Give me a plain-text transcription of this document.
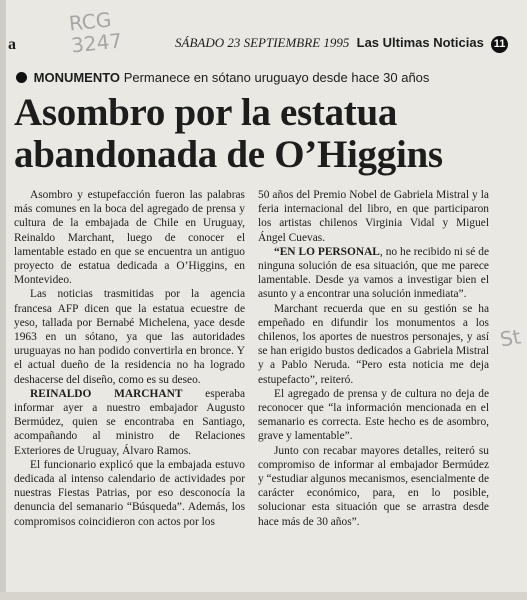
RCG
3247
a	SÁBADO 23 SEPTIEMBRE 1995 Las Ultimas Noticias 11
MONUMENTO Permanece en sótano uruguayo desde hace 30 años
Asombro por la estatua abandonada de O’Higgins

Asombro y estupefacción fueron las palabras más comunes en la boca del agregado de prensa y cultura de la embajada de Chile en Uruguay, Reinaldo Marchant, luego de conocer el lamentable estado en que se encuentra un antiguo proyecto de estatua dedicada a O’Higgins, en Montevideo.

Las noticias trasmitidas por la agencia francesa AFP dicen que la estatua ecuestre de yeso, tallada por Bernabé Michelena, yace desde 1963 en un sótano, ya que las autoridades uruguayas no han podido convertirla en bronce. Y el actual dueño de la residencia no ha logrado deshacerse del diseño, como es su deseo.

REINALDO MARCHANT esperaba informar ayer a nuestro embajador Augusto Bermúdez, quien se encontraba en Santiago, acompañando al ministro de Relaciones Exteriores de Uruguay, Álvaro Ramos.

El funcionario explicó que la embajada estuvo dedicada al intenso calendario de actividades por nuestras Fiestas Patrias, por eso desconocía la denuncia del semanario “Búsqueda”. Además, los compromisos coincidieron con actos por los

50 años del Premio Nobel de Gabriela Mistral y la feria internacional del libro, en que participaron los artistas chilenos Virginia Vidal y Miguel Ángel Cuevas.

“EN LO PERSONAL, no he recibido ni sé de ninguna solución de esa situación, que me parece lamentable. Desde ya vamos a investigar bien el asunto y a encontrar una solución inmediata”.

Marchant recuerda que en su gestión se ha empeñado en difundir los monumentos a los chilenos, los aportes de nuestros personajes, y así se han erigido bustos dedicados a Gabriela Mistral y a Pablo Neruda. “Pero esta noticia me deja estupefacto”, reiteró.

El agregado de prensa y de cultura no deja de reconocer que “la información mencionada en el semanario es correcta. Este hecho es de asombro, grave y lamentable”.

Junto con recabar mayores detalles, reiteró su compromiso de informar al embajador Bermúdez y “estudiar algunos mecanismos, esencialmente de carácter económico, para, en lo posible, solucionar esta situación que se arrastra desde hace más de 30 años”.

St
